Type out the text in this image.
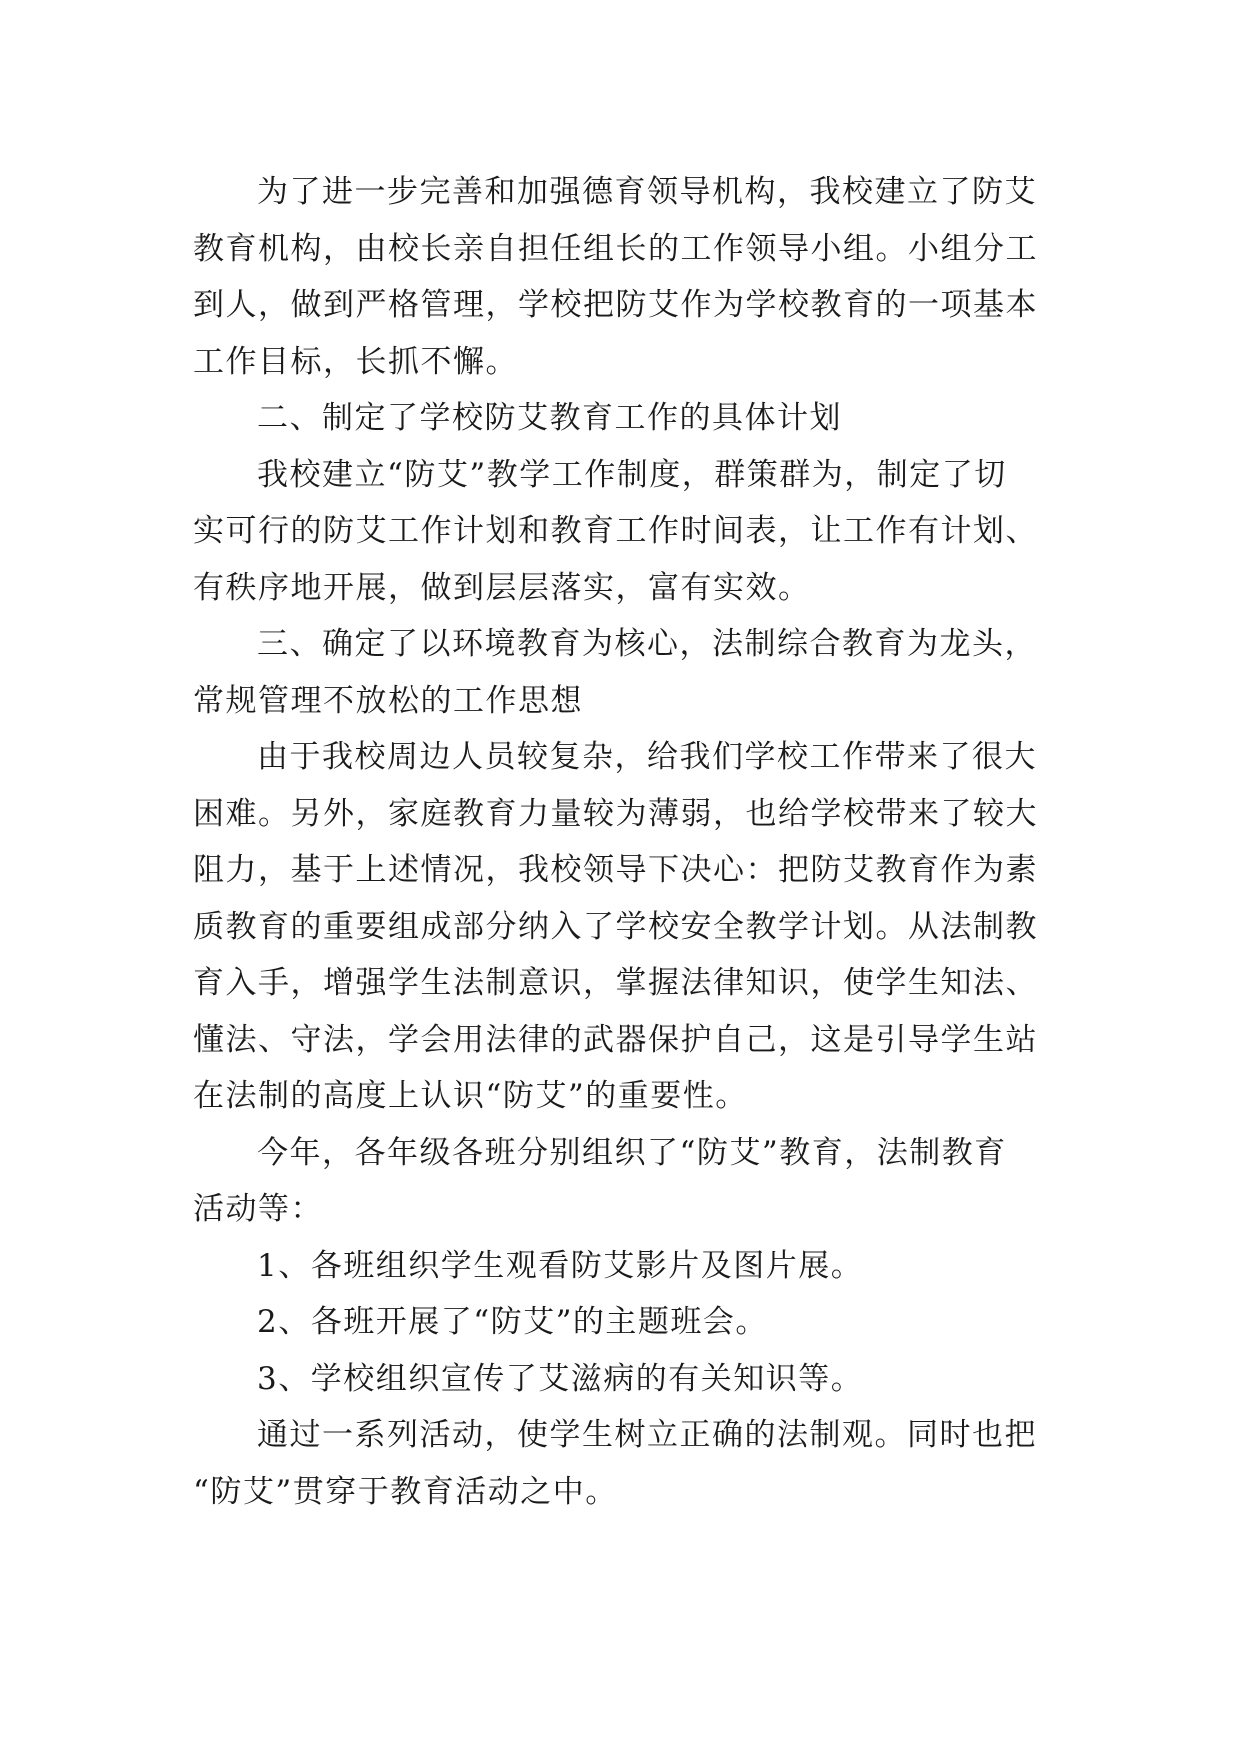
为了进一步完善和加强德育领导机构，我校建立了防艾
教育机构，由校长亲自担任组长的工作领导小组。小组分工
到人，做到严格管理，学校把防艾作为学校教育的一项基本
工作目标，长抓不懈。
二、制定了学校防艾教育工作的具体计划
我校建立“防艾”教学工作制度，群策群为，制定了切
实可行的防艾工作计划和教育工作时间表，让工作有计划、
有秩序地开展，做到层层落实，富有实效。
三、确定了以环境教育为核心，法制综合教育为龙头，
常规管理不放松的工作思想
由于我校周边人员较复杂，给我们学校工作带来了很大
困难。另外，家庭教育力量较为薄弱，也给学校带来了较大
阻力，基于上述情况，我校领导下决心：把防艾教育作为素
质教育的重要组成部分纳入了学校安全教学计划。从法制教
育入手，增强学生法制意识，掌握法律知识，使学生知法、
懂法、守法，学会用法律的武器保护自己，这是引导学生站
在法制的高度上认识“防艾”的重要性。
今年，各年级各班分别组织了“防艾”教育，法制教育
活动等：
1、各班组织学生观看防艾影片及图片展。
2、各班开展了“防艾”的主题班会。
3、学校组织宣传了艾滋病的有关知识等。
通过一系列活动，使学生树立正确的法制观。同时也把
“防艾”贯穿于教育活动之中。
